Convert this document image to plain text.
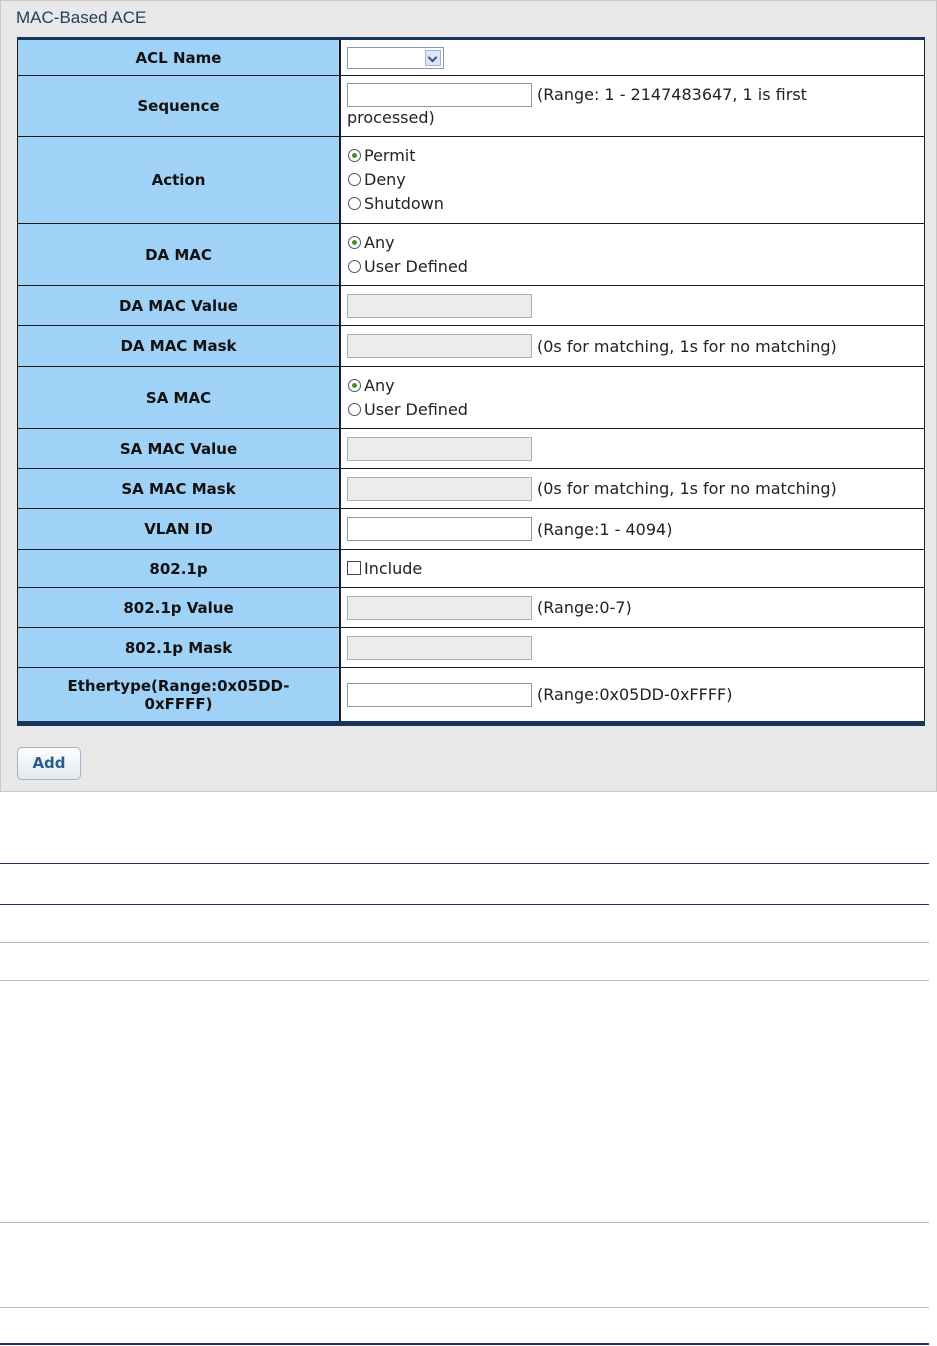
MAC-Based ACE
ACL Name	

Sequence	(Range: 1 - 2147483647, 1 is first
processed)

Action	Permit
Deny
Shutdown

DA MAC	Any
User Defined

DA MAC Value	
DA MAC Mask	(0s for matching, 1s for no matching)
SA MAC	Any
User Defined

SA MAC Value	
SA MAC Mask	(0s for matching, 1s for no matching)
VLAN ID	(Range:1 - 4094)
802.1p	Include
802.1p Value	(Range:0-7)
802.1p Mask	

Ethertype(Range:0x05DD-
0xFFFF)	(Range:0x05DD-0xFFFF)
Add
